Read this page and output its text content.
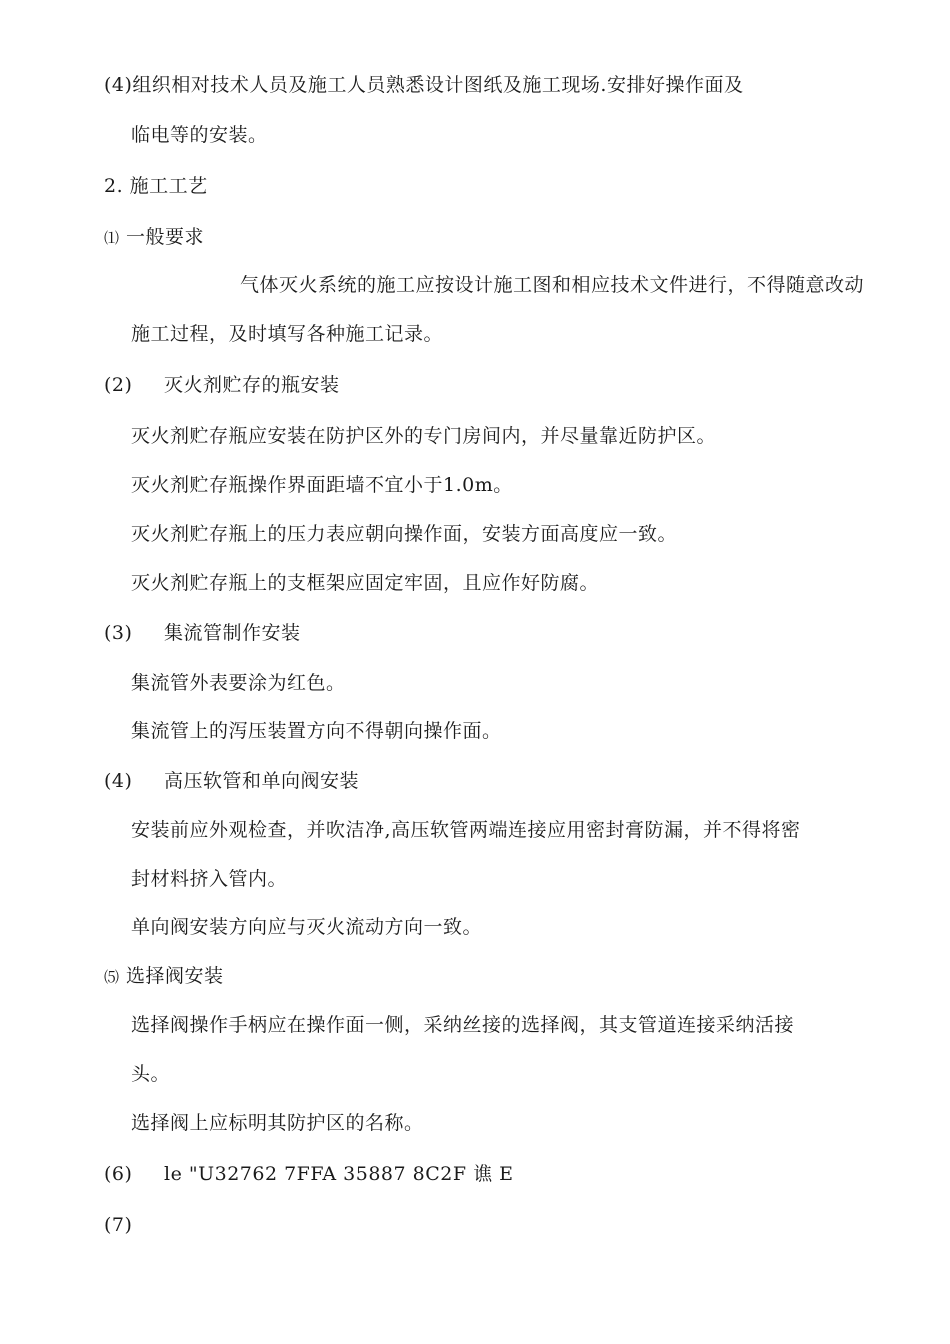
(4)组织相对技术人员及施工人员熟悉设计图纸及施工现场.安排好操作面及
临电等的安装。
2. 施工工艺
⑴ 一般要求
气体灭火系统的施工应按设计施工图和相应技术文件进行，不得随意改动
施工过程，及时填写各种施工记录。
(2) 灭火剂贮存的瓶安装
灭火剂贮存瓶应安装在防护区外的专门房间内，并尽量靠近防护区。
灭火剂贮存瓶操作界面距墙不宜小于1.0m。
灭火剂贮存瓶上的压力表应朝向操作面，安装方面高度应一致。
灭火剂贮存瓶上的支框架应固定牢固，且应作好防腐。
(3) 集流管制作安装
集流管外表要涂为红色。
集流管上的泻压装置方向不得朝向操作面。
(4) 高压软管和单向阀安装
安装前应外观检查，并吹洁净,高压软管两端连接应用密封膏防漏，并不得将密
封材料挤入管内。
单向阀安装方向应与灭火流动方向一致。
⑸ 选择阀安装
选择阀操作手柄应在操作面一侧，采纳丝接的选择阀，其支管道连接采纳活接
头。
选择阀上应标明其防护区的名称。
(6) le "U32762 7FFA 35887 8C2F 谯 E
(7)
